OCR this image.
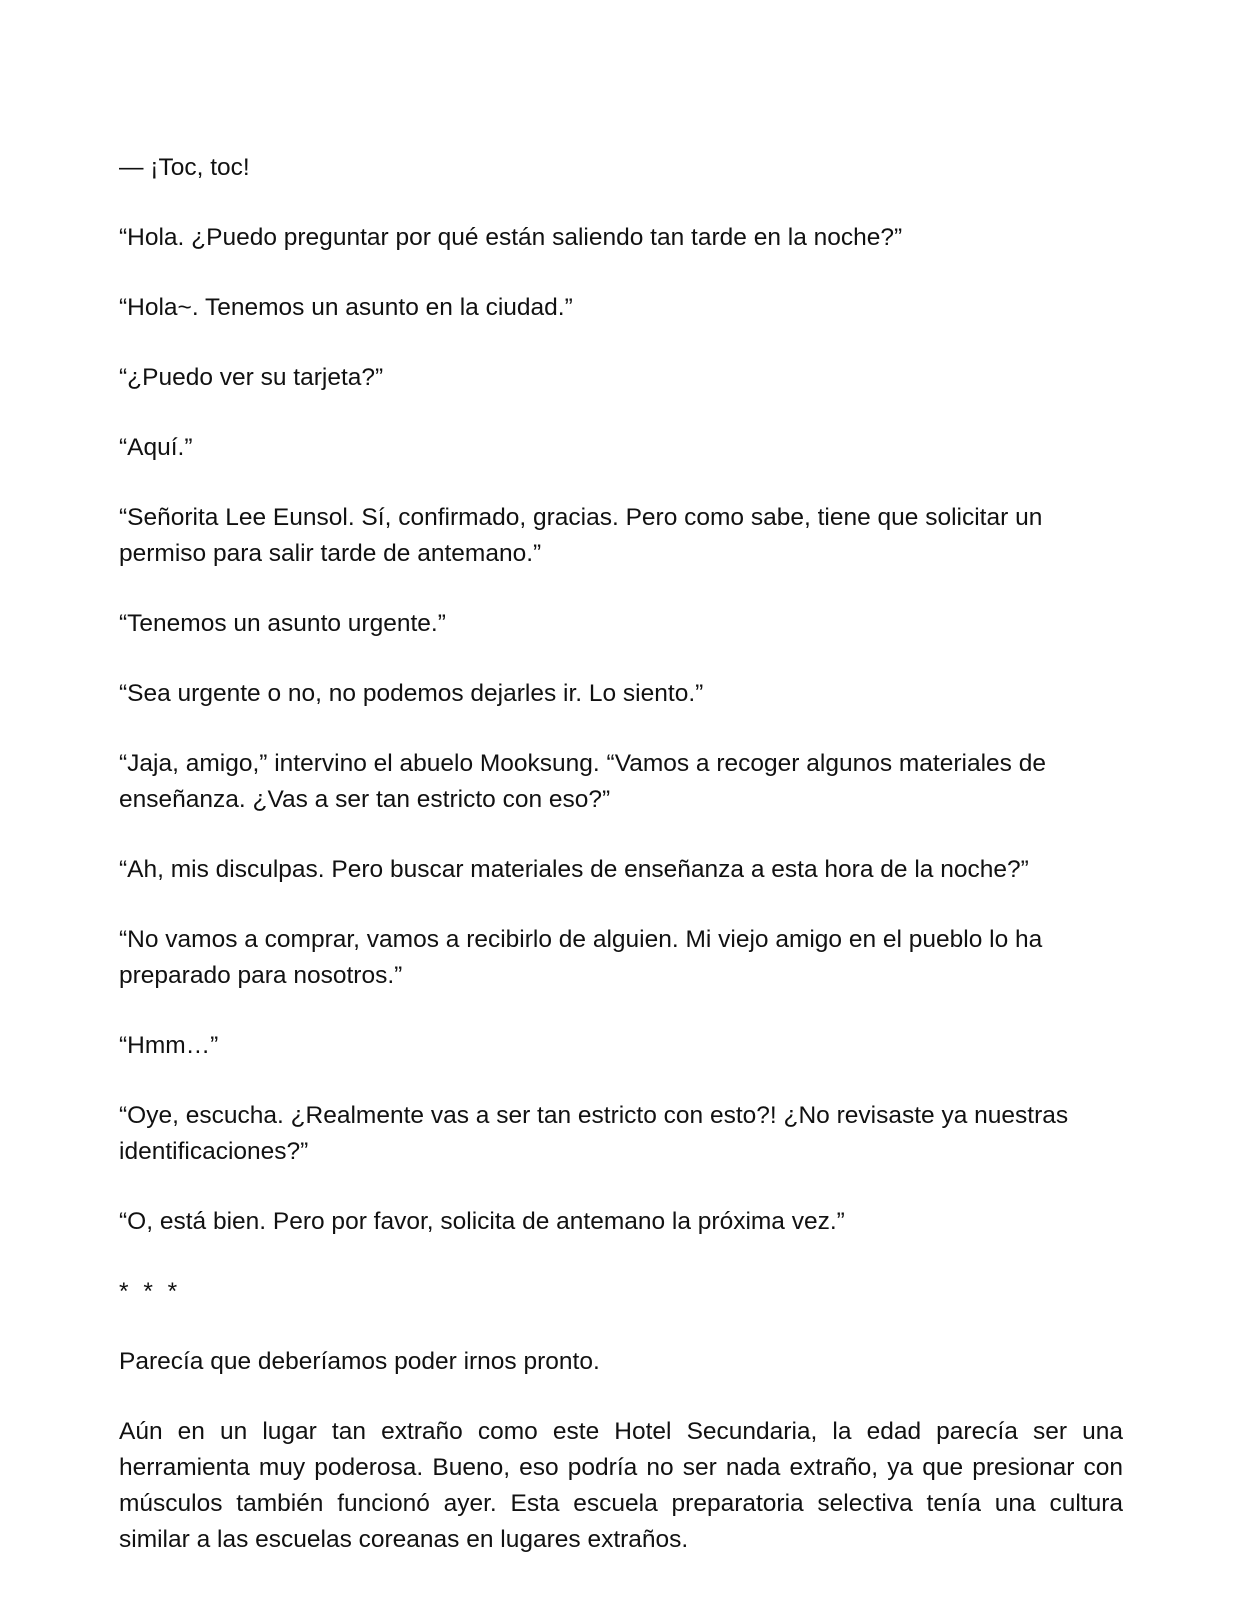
— ¡Toc, toc!

“Hola. ¿Puedo preguntar por qué están saliendo tan tarde en la noche?”

“Hola~. Tenemos un asunto en la ciudad.”

“¿Puedo ver su tarjeta?”

“Aquí.”

“Señorita Lee Eunsol. Sí, confirmado, gracias. Pero como sabe, tiene que solicitar un permiso para salir tarde de antemano.”

“Tenemos un asunto urgente.”

“Sea urgente o no, no podemos dejarles ir. Lo siento.”

“Jaja, amigo,” intervino el abuelo Mooksung. “Vamos a recoger algunos materiales de enseñanza. ¿Vas a ser tan estricto con eso?”

“Ah, mis disculpas. Pero buscar materiales de enseñanza a esta hora de la noche?”

“No vamos a comprar, vamos a recibirlo de alguien. Mi viejo amigo en el pueblo lo ha preparado para nosotros.”

“Hmm…”

“Oye, escucha. ¿Realmente vas a ser tan estricto con esto?! ¿No revisaste ya nuestras identificaciones?”

“O, está bien. Pero por favor, solicita de antemano la próxima vez.”

* * *

Parecía que deberíamos poder irnos pronto.

Aún en un lugar tan extraño como este Hotel Secundaria, la edad parecía ser una herramienta muy poderosa. Bueno, eso podría no ser nada extraño, ya que presionar con músculos también funcionó ayer. Esta escuela preparatoria selectiva tenía una cultura similar a las escuelas coreanas en lugares extraños.
